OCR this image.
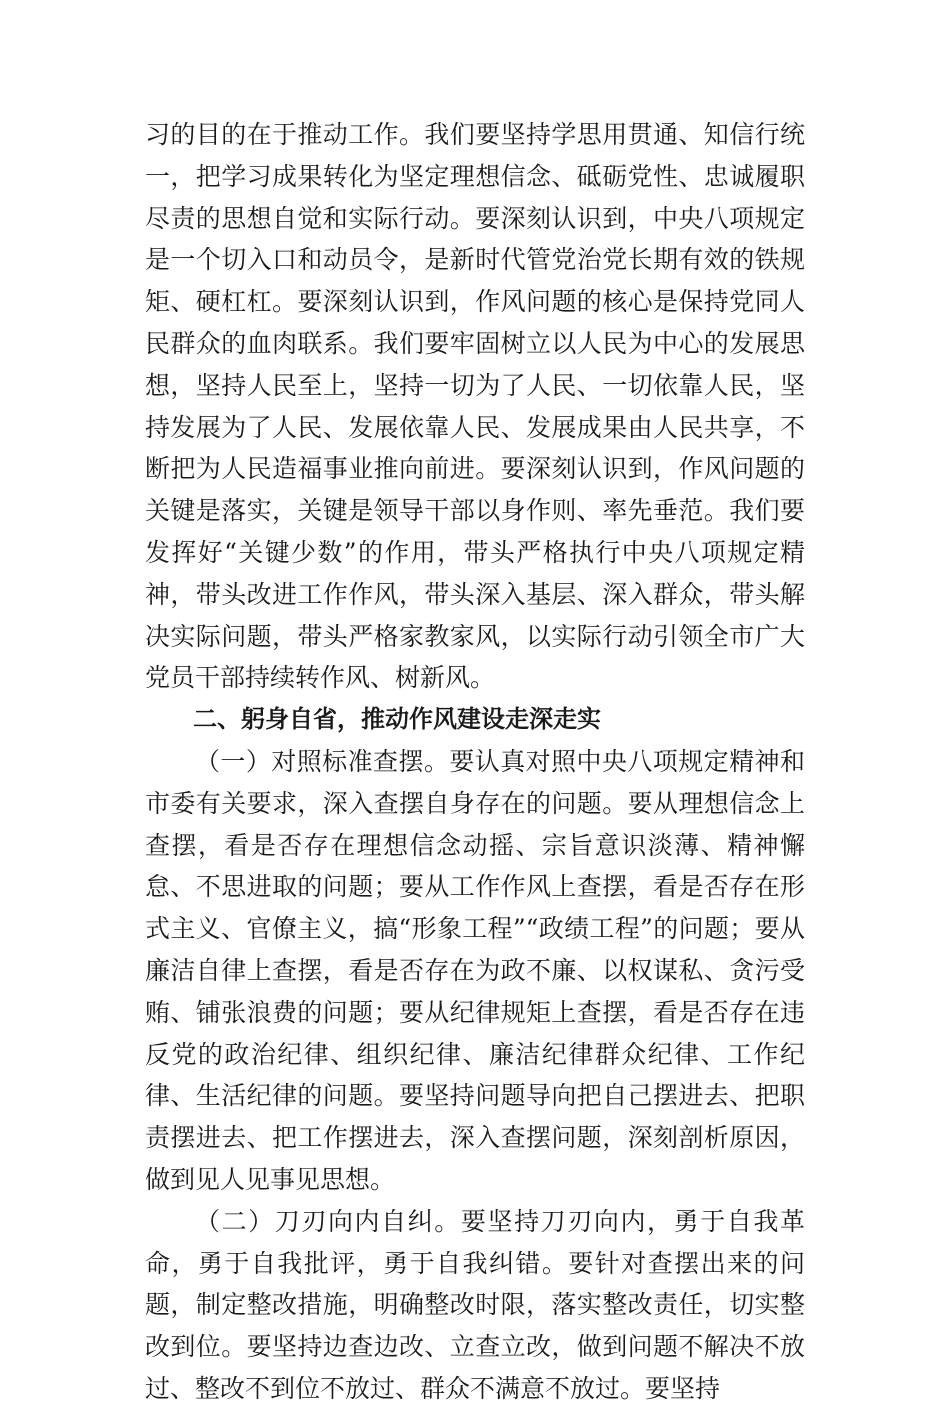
习的目的在于推动工作。我们要坚持学思用贯通、知信行统一，把学习成果转化为坚定理想信念、砥砺党性、忠诚履职尽责的思想自觉和实际行动。要深刻认识到，中央八项规定是一个切入口和动员令，是新时代管党治党长期有效的铁规矩、硬杠杠。要深刻认识到，作风问题的核心是保持党同人民群众的血肉联系。我们要牢固树立以人民为中心的发展思想，坚持人民至上，坚持一切为了人民、一切依靠人民，坚持发展为了人民、发展依靠人民、发展成果由人民共享，不断把为人民造福事业推向前进。要深刻认识到，作风问题的关键是落实，关键是领导干部以身作则、率先垂范。我们要发挥好“关键少数”的作用，带头严格执行中央八项规定精神，带头改进工作作风，带头深入基层、深入群众，带头解决实际问题，带头严格家教家风，以实际行动引领全市广大党员干部持续转作风、树新风。

二、躬身自省，推动作风建设走深走实

（一）对照标准查摆。要认真对照中央八项规定精神和市委有关要求，深入查摆自身存在的问题。要从理想信念上查摆，看是否存在理想信念动摇、宗旨意识淡薄、精神懈怠、不思进取的问题；要从工作作风上查摆，看是否存在形式主义、官僚主义，搞“形象工程”“政绩工程”的问题；要从廉洁自律上查摆，看是否存在为政不廉、以权谋私、贪污受贿、铺张浪费的问题；要从纪律规矩上查摆，看是否存在违反党的政治纪律、组织纪律、廉洁纪律群众纪律、工作纪律、生活纪律的问题。要坚持问题导向把自己摆进去、把职责摆进去、把工作摆进去，深入查摆问题，深刻剖析原因，做到见人见事见思想。

（二）刀刃向内自纠。要坚持刀刃向内，勇于自我革命，勇于自我批评，勇于自我纠错。要针对查摆出来的问题，制定整改措施，明确整改时限，落实整改责任，切实整改到位。要坚持边查边改、立查立改，做到问题不解决不放过、整改不到位不放过、群众不满意不放过。要坚持
